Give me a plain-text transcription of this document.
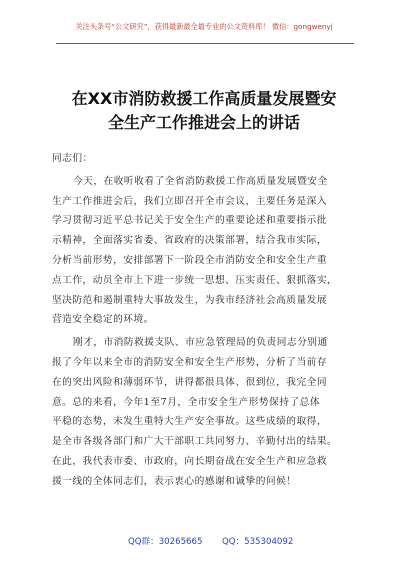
关注头条号“公文研究”，获得最新最全最专业的公文资料库！ 微信：gongwenyj
在XX市消防救援工作高质量发展暨安
全生产工作推进会上的讲话
同志们：
今天，在收听收看了全省消防救援工作高质量发展暨安全
生产工作推进会后，我们立即召开全市会议，主要任务是深入
学习贯彻习近平总书记关于安全生产的重要论述和重要指示批
示精神，全面落实省委、省政府的决策部署，结合我市实际，
分析当前形势，安排部署下一阶段全市消防安全和安全生产重
点工作，动员全市上下进一步统一思想、压实责任、狠抓落实，
坚决防范和遏制重特大事故发生，为我市经济社会高质量发展
营造安全稳定的环境。
刚才，市消防救援支队、市应急管理局的负责同志分别通
报了今年以来全市的消防安全和安全生产形势，分析了当前存
在的突出风险和薄弱环节，讲得都很具体、很到位，我完全同
意。总的来看，今年1至7月，全市安全生产形势保持了总体
平稳的态势，未发生重特大生产安全事故。这些成绩的取得，
是全市各级各部门和广大干部职工共同努力、辛勤付出的结果。
在此，我代表市委、市政府，向长期奋战在安全生产和应急救
援一线的全体同志们，表示衷心的感谢和诚挚的问候！
QQ群：30265665 QQ：535304092
